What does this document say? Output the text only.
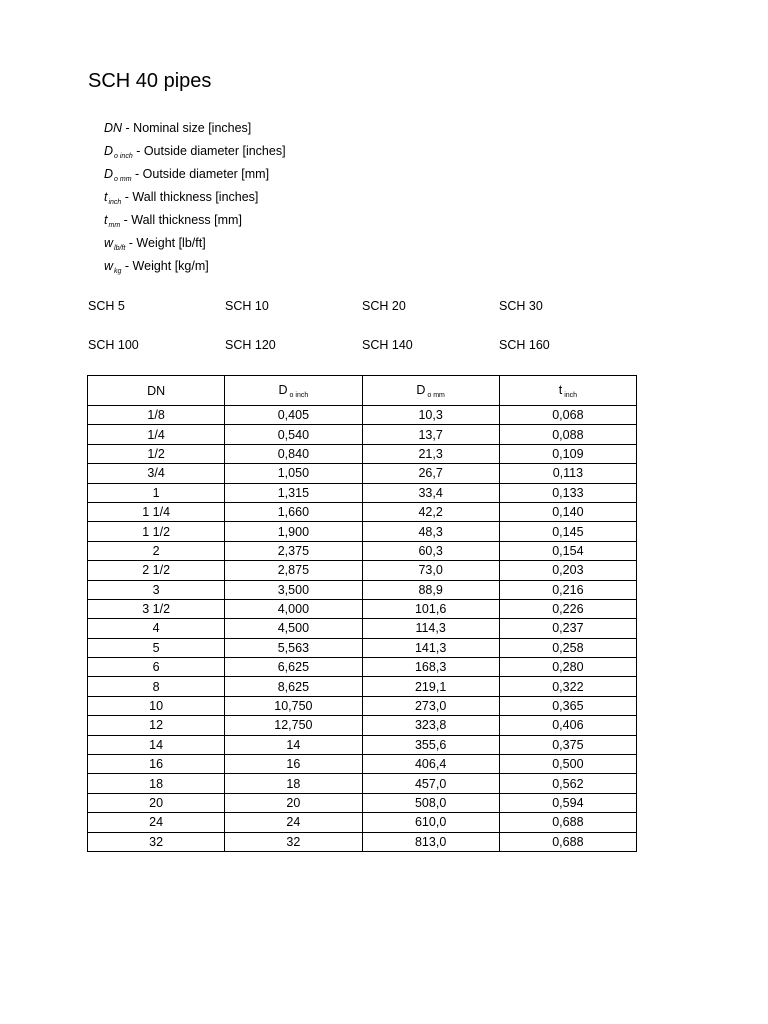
SCH 40 pipes
DN - Nominal size [inches]
$D_{o inch}$ - Outside diameter [inches]
$D_{o mm}$ - Outside diameter [mm]
$t_{inch}$ - Wall thickness [inches]
$t_{mm}$ - Wall thickness [mm]
$w_{lb/ft}$ - Weight [lb/ft]
$w_{kg}$ - Weight [kg/m]
SCH 5	SCH 10	SCH 20	SCH 30
SCH 100	SCH 120	SCH 140	SCH 160
DN	D $_{o inch}$	D $_{o mm}$	t $_{inch}$
1/8	0,405	10,3	0,068
1/4	0,540	13,7	0,088
1/2	0,840	21,3	0,109
3/4	1,050	26,7	0,113
1	1,315	33,4	0,133
1 1/4	1,660	42,2	0,140
1 1/2	1,900	48,3	0,145
2	2,375	60,3	0,154
2 1/2	2,875	73,0	0,203
3	3,500	88,9	0,216
3 1/2	4,000	101,6	0,226
4	4,500	114,3	0,237
5	5,563	141,3	0,258
6	6,625	168,3	0,280
8	8,625	219,1	0,322
10	10,750	273,0	0,365
12	12,750	323,8	0,406
14	14	355,6	0,375
16	16	406,4	0,500
18	18	457,0	0,562
20	20	508,0	0,594
24	24	610,0	0,688
32	32	813,0	0,688
